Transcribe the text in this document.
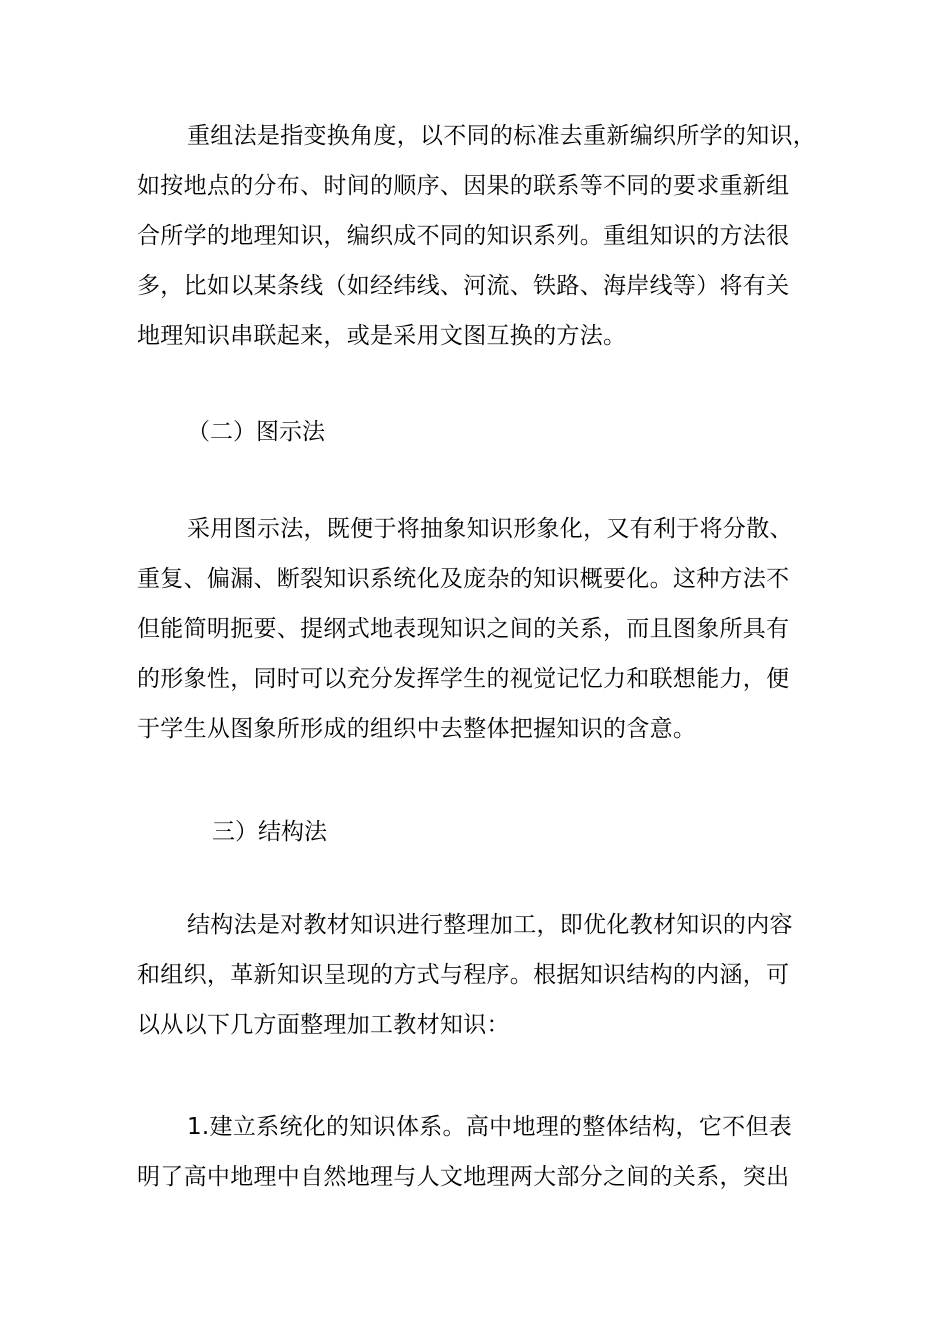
重组法是指变换角度，以不同的标准去重新编织所学的知识，
如按地点的分布、时间的顺序、因果的联系等不同的要求重新组
合所学的地理知识，编织成不同的知识系列。重组知识的方法很
多，比如以某条线（如经纬线、河流、铁路、海岸线等）将有关
地理知识串联起来，或是采用文图互换的方法。
（二）图示法
采用图示法，既便于将抽象知识形象化，又有利于将分散、
重复、偏漏、断裂知识系统化及庞杂的知识概要化。这种方法不
但能简明扼要、提纲式地表现知识之间的关系，而且图象所具有
的形象性，同时可以充分发挥学生的视觉记忆力和联想能力，便
于学生从图象所形成的组织中去整体把握知识的含意。
三）结构法
结构法是对教材知识进行整理加工，即优化教材知识的内容
和组织，革新知识呈现的方式与程序。根据知识结构的内涵，可
以从以下几方面整理加工教材知识：
1.建立系统化的知识体系。高中地理的整体结构，它不但表
明了高中地理中自然地理与人文地理两大部分之间的关系，突出
